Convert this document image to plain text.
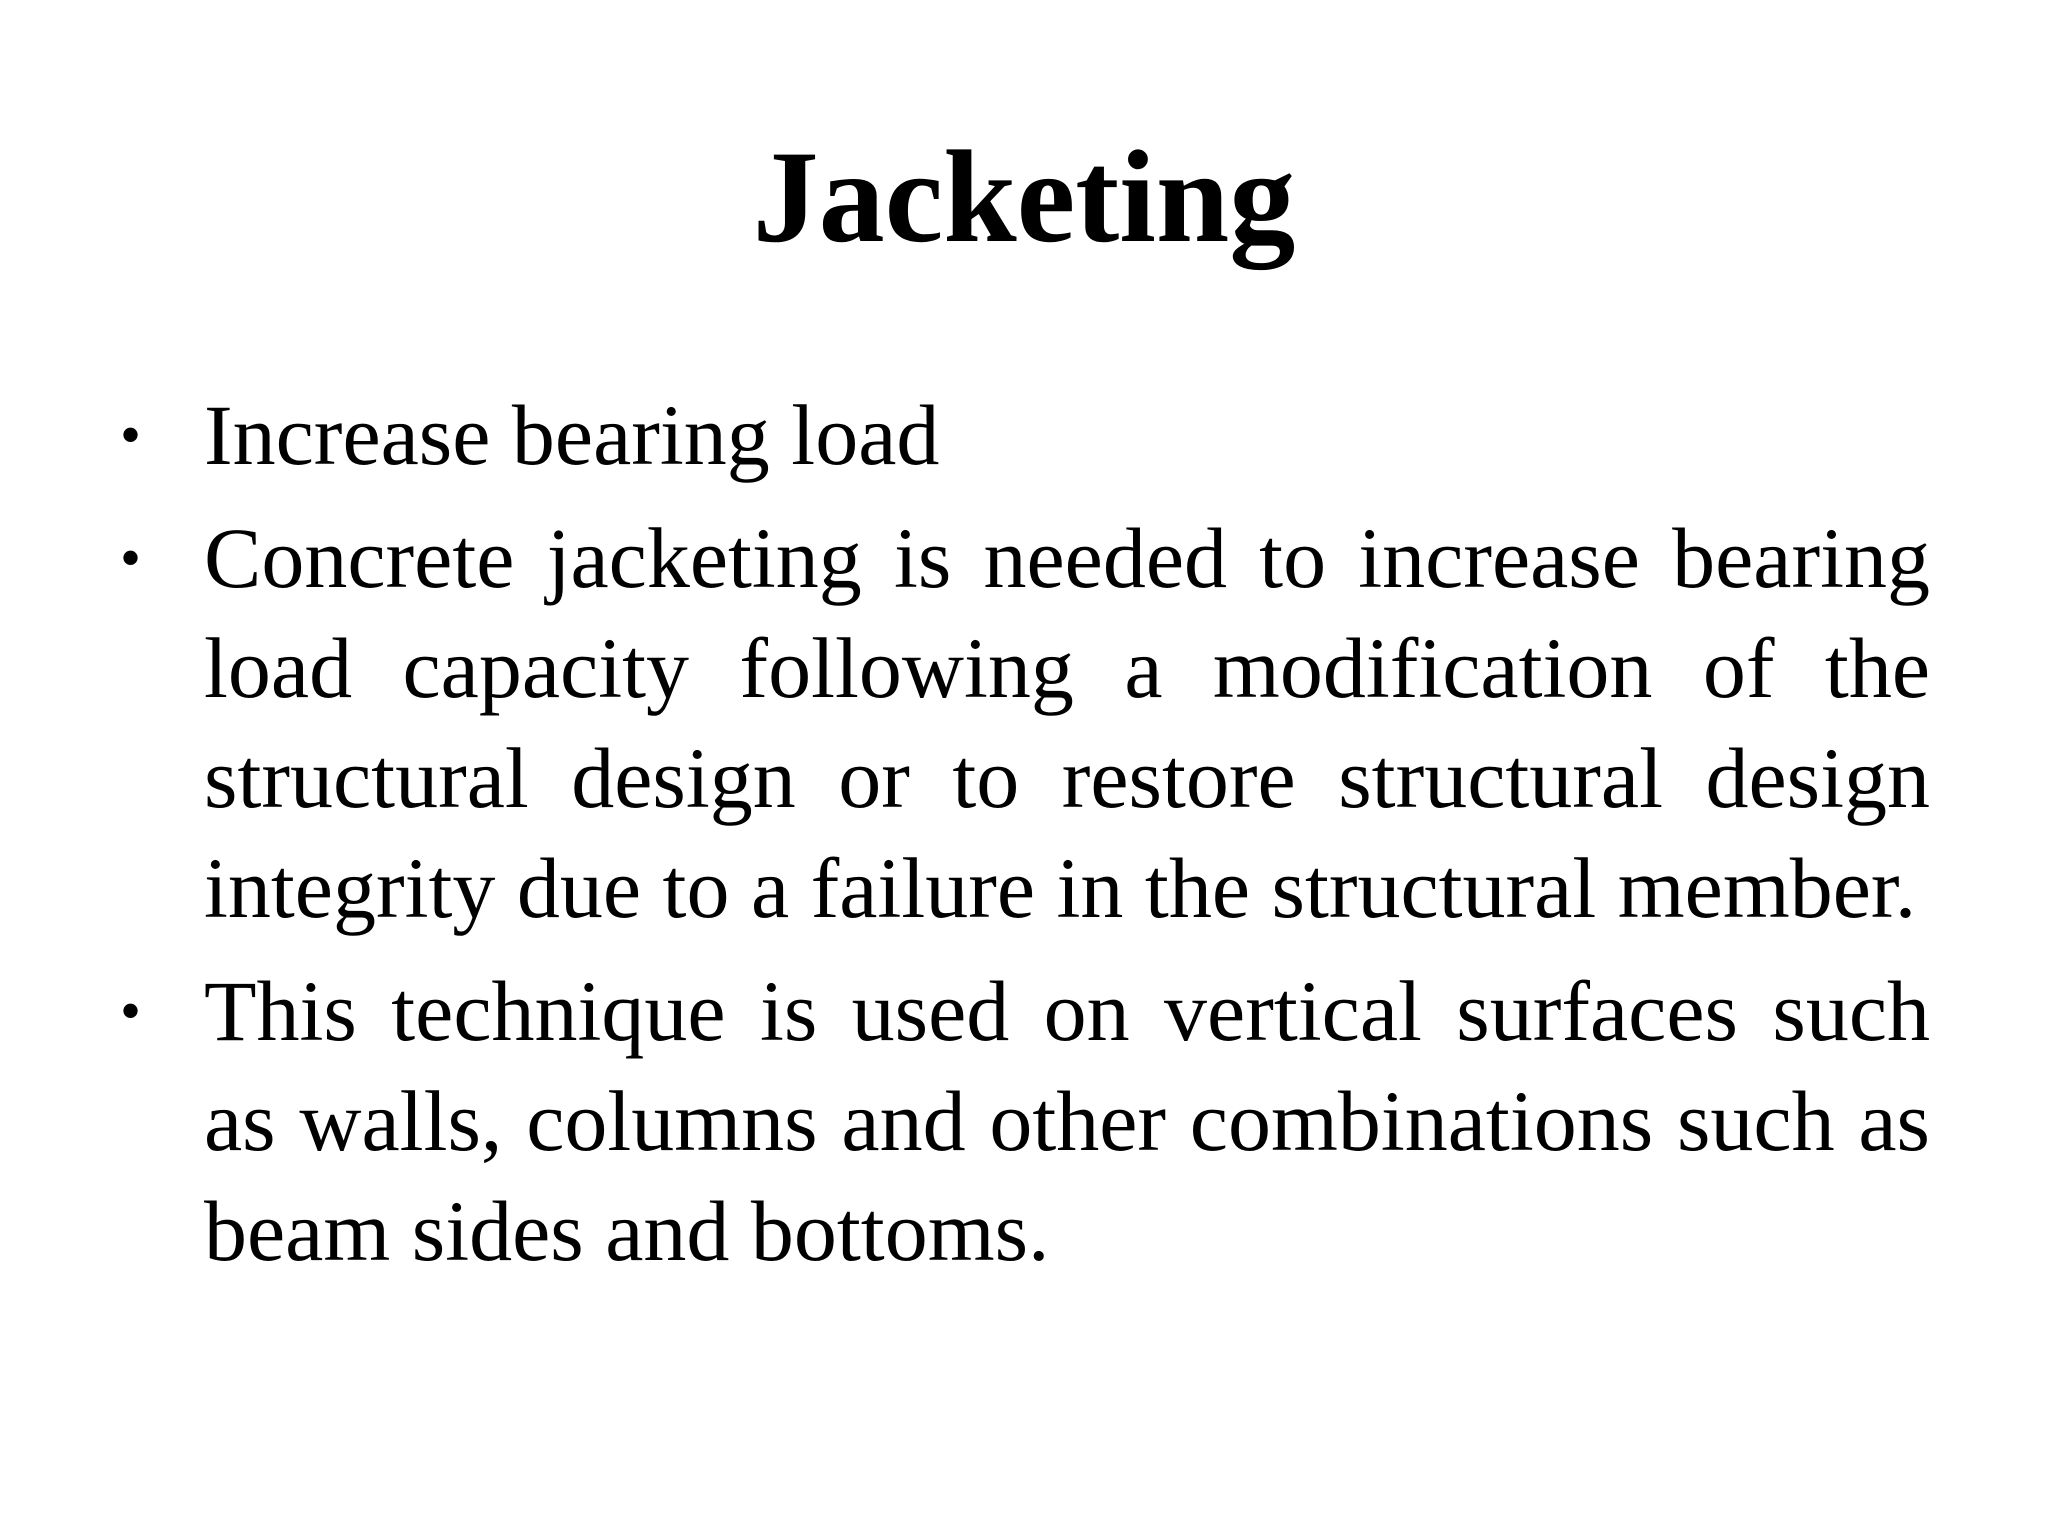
Jacketing
• Increase bearing load
• Concrete jacketing is needed to increase bearing load capacity following a modification of the structural design or to restore structural design integrity due to a failure in the structural member.
• This technique is used on vertical surfaces such as walls, columns and other combinations such as beam sides and bottoms.
